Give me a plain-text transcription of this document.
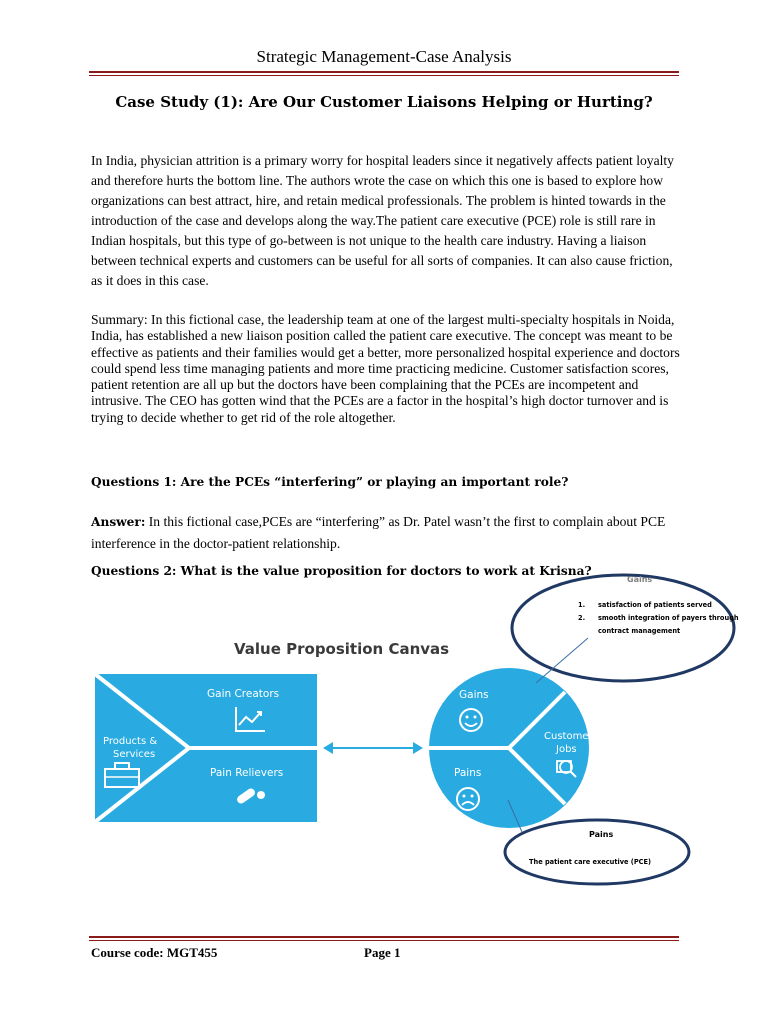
Strategic Management-Case Analysis
Case Study (1): Are Our Customer Liaisons Helping or Hurting?

In India, physician attrition is a primary worry for hospital leaders since it negatively affects patient loyalty and therefore hurts the bottom line. The authors wrote the case on which this one is based to explore how organizations can best attract, hire, and retain medical professionals. The problem is hinted towards in the introduction of the case and develops along the way.The patient care executive (PCE) role is still rare in Indian hospitals, but this type of go-between is not unique to the health care industry. Having a liaison between technical experts and customers can be useful for all sorts of companies. It can also cause friction, as it does in this case.

Summary: In this fictional case, the leadership team at one of the largest multi-specialty hospitals in Noida, India, has established a new liaison position called the patient care executive. The concept was meant to be effective as patients and their families would get a better, more personalized hospital experience and doctors could spend less time managing patients and more time practicing medicine. Customer satisfaction scores, patient retention are all up but the doctors have been complaining that the PCEs are incompetent and intrusive. The CEO has gotten wind that the PCEs are a factor in the hospital’s high doctor turnover and is trying to decide whether to get rid of the role altogether.

Questions 1: Are the PCEs “interfering” or playing an important role?

Answer: In this fictional case,PCEs are “interfering” as Dr. Patel wasn’t the first to complain about PCE interference in the doctor-patient relationship.

Questions 2: What is the value proposition for doctors to work at Krisna?

Value Proposition Canvas
Gain Creators
Products &
Services
Pain Relievers
Gains
Customer
Jobs
Pains
Gains
1. satisfaction of patients served
2. smooth integration of payers through
contract management
Pains
The patient care executive (PCE)
Course code: MGT455	Page 1
